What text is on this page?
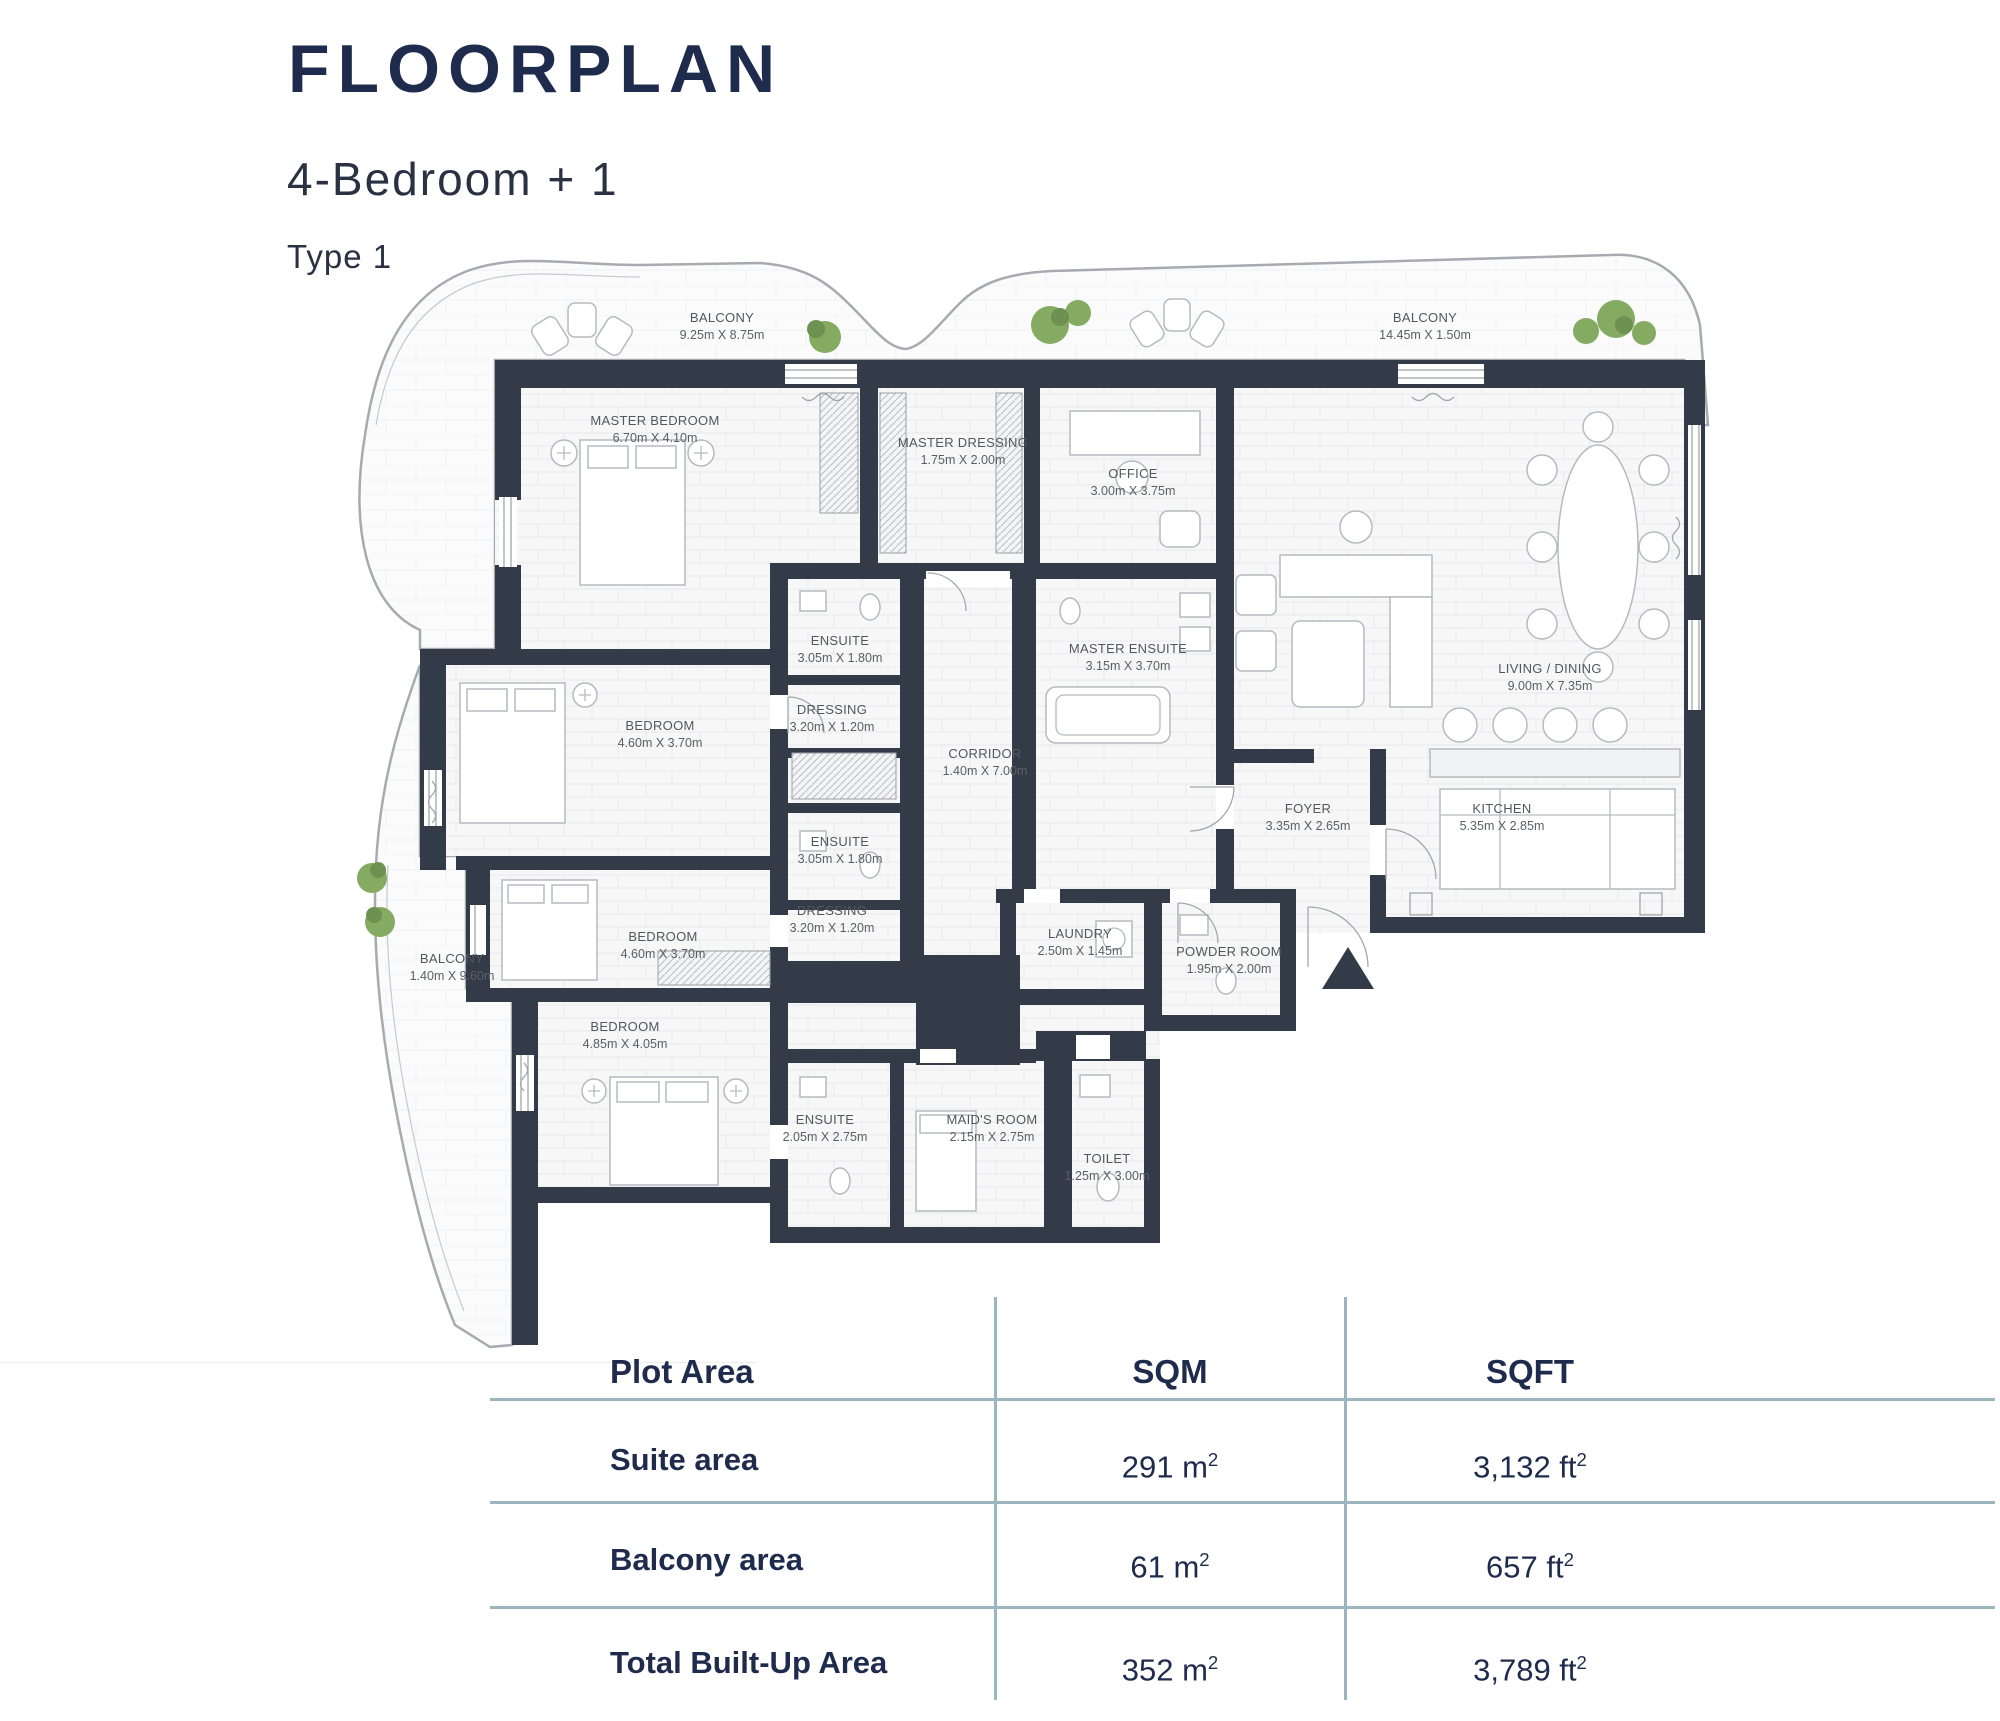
FLOORPLAN
4-Bedroom + 1
Type 1
BALCONY
9.25m X 8.75m
BALCONY
14.45m X 1.50m
MASTER BEDROOM
6.70m X 4.10m	MASTER DRESSING
1.75m X 2.00m
OFFICE
3.00m X 3.75m
ENSUITE
3.05m X 1.80m
MASTER ENSUITE
3.15m X 3.70m	LIVING / DINING
9.00m X 7.35m
DRESSING
3.20m X 1.20m
BEDROOM
4.60m X 3.70m
CORRIDOR
1.40m X 7.00m
FOYER
3.35m X 2.65m
KITCHEN
5.35m X 2.85m
ENSUITE
3.05m X 1.80m
DRESSING
3.20m X 1.20m
BEDROOM
4.60m X 3.70m
BALCONY
1.40m X 9.60m
LAUNDRY
2.50m X 1.45m	POWDER ROOM
1.95m X 2.00m
BEDROOM
4.85m X 4.05m
ENSUITE
2.05m X 2.75m
MAID'S ROOM
2.15m X 2.75m
TOILET
1.25m X 3.00m
Plot Area	SQM	SQFT
Suite area	291 $m^2$	3,132 $ft^2$
Balcony area	61 $m^2$	657 $ft^2$
Total Built-Up Area	352 $m^2$	3,789 $ft^2$
